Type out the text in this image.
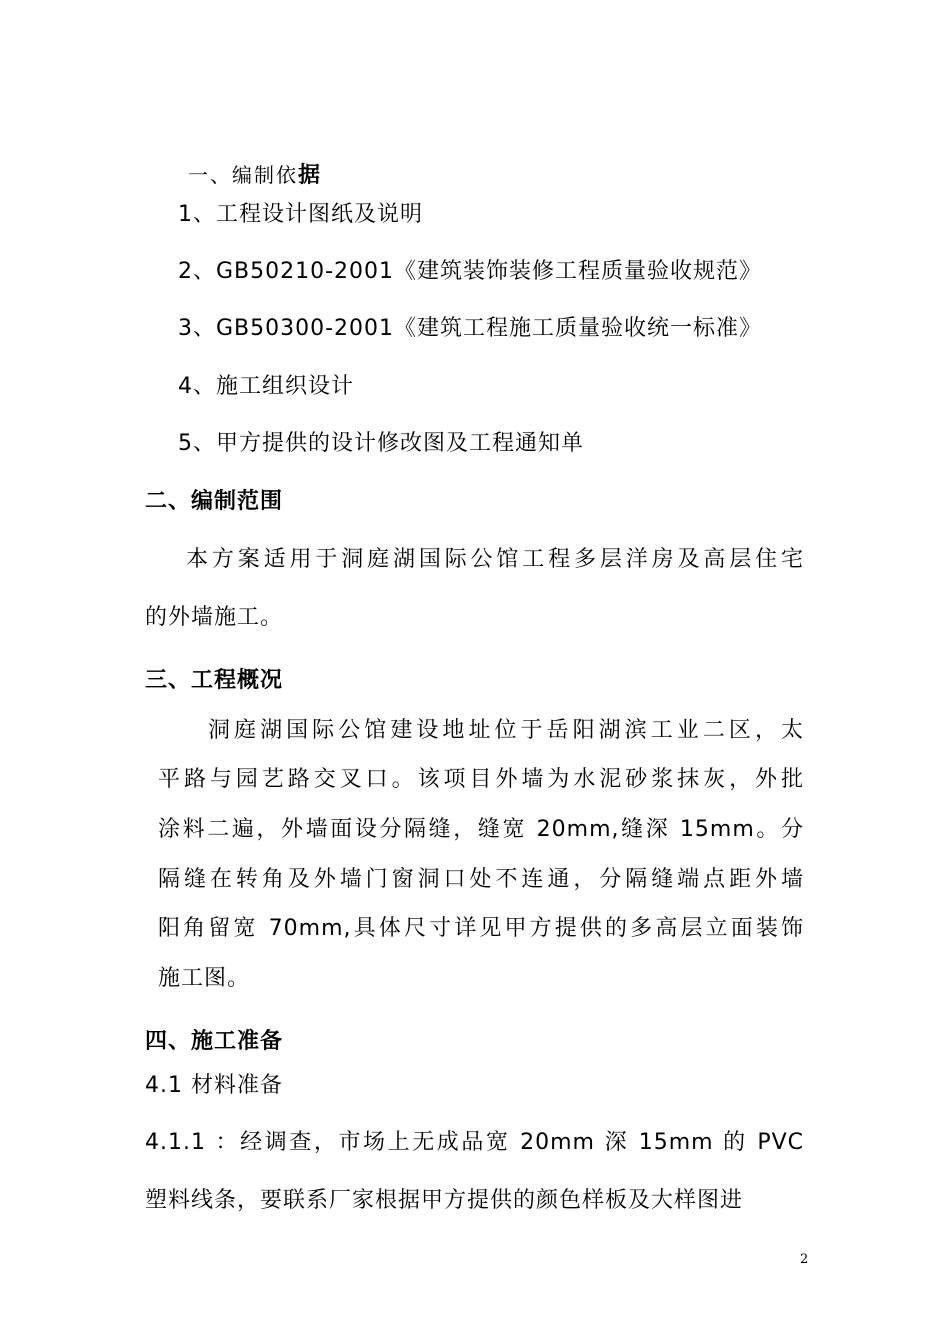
一、编制依据
1、工程设计图纸及说明
2、GB50210-2001《建筑装饰装修工程质量验收规范》
3、GB50300-2001《建筑工程施工质量验收统一标准》
4、施工组织设计
5、甲方提供的设计修改图及工程通知单
二、编制范围
本方案适用于洞庭湖国际公馆工程多层洋房及高层住宅
的外墙施工。
三、工程概况
洞庭湖国际公馆建设地址位于岳阳湖滨工业二区，太
平路与园艺路交叉口。该项目外墙为水泥砂浆抹灰，外批
涂料二遍，外墙面设分隔缝，缝宽 20mm,缝深 15mm。分
隔缝在转角及外墙门窗洞口处不连通，分隔缝端点距外墙
阳角留宽 70mm,具体尺寸详见甲方提供的多高层立面装饰
施工图。
四、施工准备
4.1 材料准备
4.1.1 ：经调查，市场上无成品宽 20mm 深 15mm 的 PVC
塑料线条，要联系厂家根据甲方提供的颜色样板及大样图进
2
